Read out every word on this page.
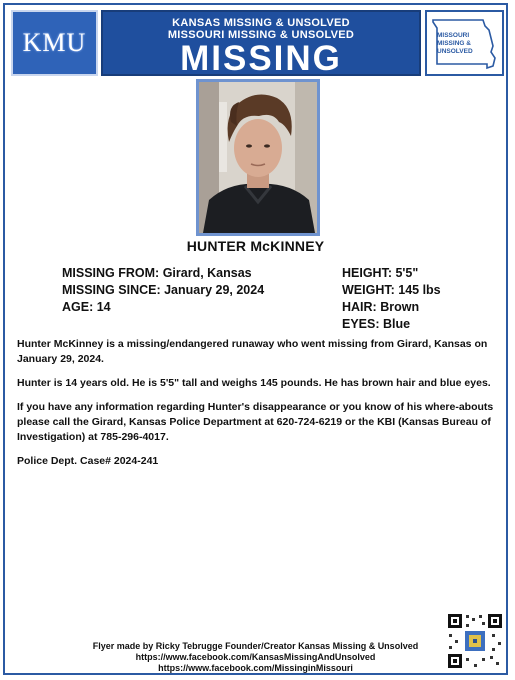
KMU
KANSAS MISSING & UNSOLVED
MISSOURI MISSING & UNSOLVED
MISSING
MISSOURI
MISSING &
UNSOLVED
HUNTER McKINNEY
MISSING FROM: Girard, Kansas
MISSING SINCE: January 29, 2024
AGE: 14
HEIGHT: 5'5"
WEIGHT: 145 lbs
HAIR: Brown
EYES: Blue

Hunter McKinney is a missing/endangered runaway who went missing from Girard, Kansas on January 29, 2024.

Hunter is 14 years old. He is 5'5" tall and weighs 145 pounds. He has brown hair and blue eyes.

If you have any information regarding Hunter's disappearance or you know of his where-abouts please call the Girard, Kansas Police Department at 620-724-6219 or the KBI (Kansas Bureau of Investigation) at 785-296-4017.

Police Dept. Case# 2024-241

Flyer made by Ricky Tebrugge Founder/Creator Kansas Missing & Unsolved
https://www.facebook.com/KansasMissingAndUnsolved
https://www.facebook.com/MissinginMissouri
